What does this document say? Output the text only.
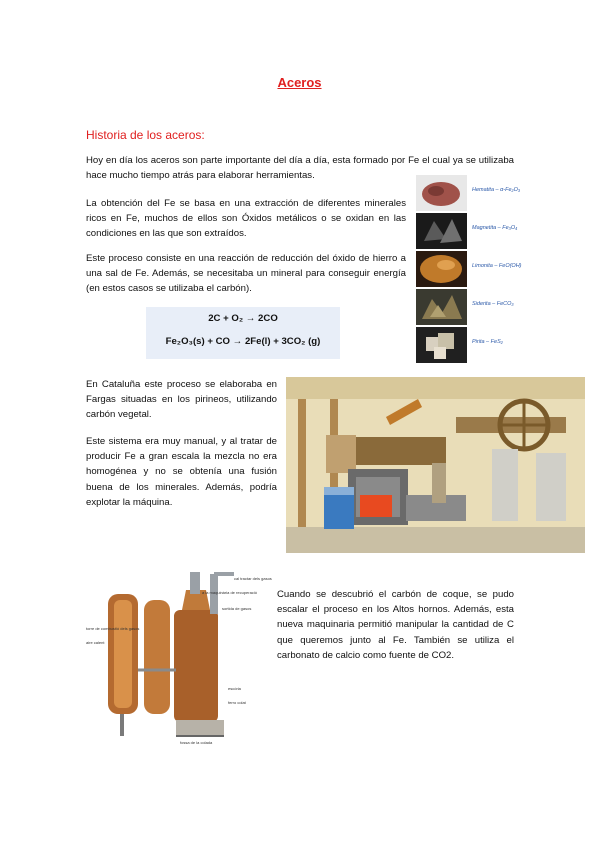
Aceros
Historia de los aceros:

Hoy en día los aceros son parte importante del día a día, esta formado por Fe el cual ya se utilizaba hace mucho tiempo atrás para elaborar herramientas.

La obtención del Fe se basa en una extracción de diferentes minerales ricos en Fe, muchos de ellos son Óxidos metálicos o se oxidan en las condiciones en las que son extraídos.

Este proceso consiste en una reacción de reducción del óxido de hierro a una sal de Fe. Además, se necesitaba un mineral para conseguir energía (en estos casos se utilizaba el carbón).

2C + O₂ → 2CO
Fe₂O₃(s) + CO → 2Fe(l) + 3CO₂ (g)
Hematita – α-Fe₂O₃
Magnetita – Fe₃O₄
Limonita – FeO(OH)
Siderita – FeCO₃
Pirita – FeS₂

En Cataluña este proceso se elaboraba en Fargas situadas en los pirineos, utilizando carbón vegetal.

Este sistema era muy manual, y al tratar de producir Fe a gran escala la mezcla no era homogénea y no se obtenía una fusión buena de los minerales. Además, podría explotar la máquina.

cal tractar dels gasos
a la maquinària de recuperació
sortida de gasos
escòria
ferro colat
aire calent
torre de combustió dels gasos
fossa de la colada

Cuando se descubrió el carbón de coque, se pudo escalar el proceso en los Altos hornos. Además, esta nueva maquinaria permitió manipular la cantidad de C que queremos junto al Fe. También se utiliza el carbonato de calcio como fuente de CO2.
